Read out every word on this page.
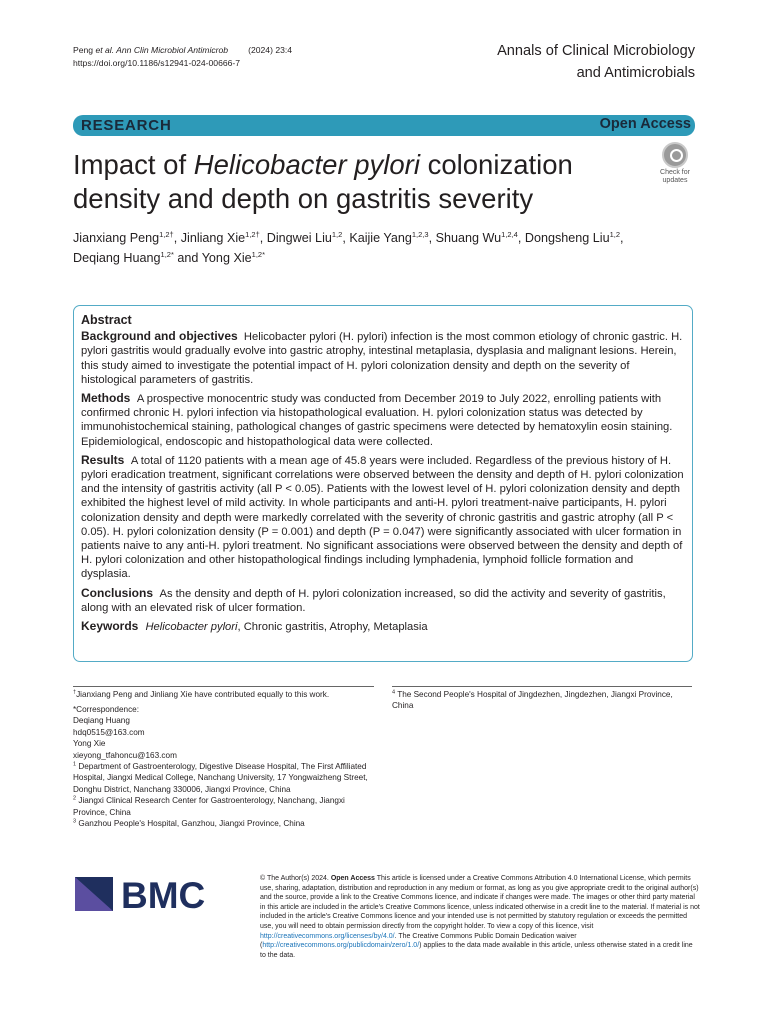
Peng et al. Ann Clin Microbiol Antimicrob (2024) 23:4
https://doi.org/10.1186/s12941-024-00666-7
Annals of Clinical Microbiology
and Antimicrobials
RESEARCH	Open Access
Impact of Helicobacter pylori colonization density and depth on gastritis severity
Check for
updates
Jianxiang Peng$^{1,2\dagger}$, Jinliang Xie$^{1,2\dagger}$, Dingwei Liu$^{1,2}$, Kaijie Yang$^{1,2,3}$, Shuang Wu$^{1,2,4}$, Dongsheng Liu$^{1,2}$,
Deqiang Huang$^{1,2*}$ and Yong Xie$^{1,2*}$
Abstract

Background and objectives Helicobacter pylori (H. pylori) infection is the most common etiology of chronic gastric. H. pylori gastritis would gradually evolve into gastric atrophy, intestinal metaplasia, dysplasia and malignant lesions. Herein, this study aimed to investigate the potential impact of H. pylori colonization density and depth on the severity of histological parameters of gastritis.

Methods A prospective monocentric study was conducted from December 2019 to July 2022, enrolling patients with confirmed chronic H. pylori infection via histopathological evaluation. H. pylori colonization status was detected by immunohistochemical staining, pathological changes of gastric specimens were detected by hematoxylin eosin staining. Epidemiological, endoscopic and histopathological data were collected.

Results A total of 1120 patients with a mean age of 45.8 years were included. Regardless of the previous history of H. pylori eradication treatment, significant correlations were observed between the density and depth of H. pylori colonization and the intensity of gastritis activity (all P < 0.05). Patients with the lowest level of H. pylori colonization density and depth exhibited the highest level of mild activity. In whole participants and anti-H. pylori treatment-naive participants, H. pylori colonization density and depth were markedly correlated with the severity of chronic gastritis and gastric atrophy (all P < 0.05). H. pylori colonization density (P = 0.001) and depth (P = 0.047) were significantly associated with ulcer formation in patients naive to any anti-H. pylori treatment. No significant associations were observed between the density and depth of H. pylori colonization and other histopathological findings including lymphadenia, lymphoid follicle formation and dysplasia.

Conclusions As the density and depth of H. pylori colonization increased, so did the activity and severity of gastritis, along with an elevated risk of ulcer formation.

Keywords Helicobacter pylori, Chronic gastritis, Atrophy, Metaplasia

†Jianxiang Peng and Jinliang Xie have contributed equally to this work.
*Correspondence:
Deqiang Huang
hdq0515@163.com
Yong Xie
xieyong_tfahoncu@163.com
$^1$ Department of Gastroenterology, Digestive Disease Hospital, The First Affiliated Hospital, Jiangxi Medical College, Nanchang University, 17 Yongwaizheng Street, Donghu District, Nanchang 330006, Jiangxi Province, China
$^2$ Jiangxi Clinical Research Center for Gastroenterology, Nanchang, Jiangxi Province, China
$^3$ Ganzhou People's Hospital, Ganzhou, Jiangxi Province, China
$^4$ The Second People's Hospital of Jingdezhen, Jingdezhen, Jiangxi Province, China
BMC	© The Author(s) 2024. Open Access This article is licensed under a Creative Commons Attribution 4.0 International License, which permits use, sharing, adaptation, distribution and reproduction in any medium or format, as long as you give appropriate credit to the original author(s) and the source, provide a link to the Creative Commons licence, and indicate if changes were made. The images or other third party material in this article are included in the article's Creative Commons licence, unless indicated otherwise in a credit line to the material. If material is not included in the article's Creative Commons licence and your intended use is not permitted by statutory regulation or exceeds the permitted use, you will need to obtain permission directly from the copyright holder. To view a copy of this licence, visit http://creativecommons.org/licenses/by/4.0/. The Creative Commons Public Domain Dedication waiver (http://creativecommons.org/publicdomain/zero/1.0/) applies to the data made available in this article, unless otherwise stated in a credit line to the data.
